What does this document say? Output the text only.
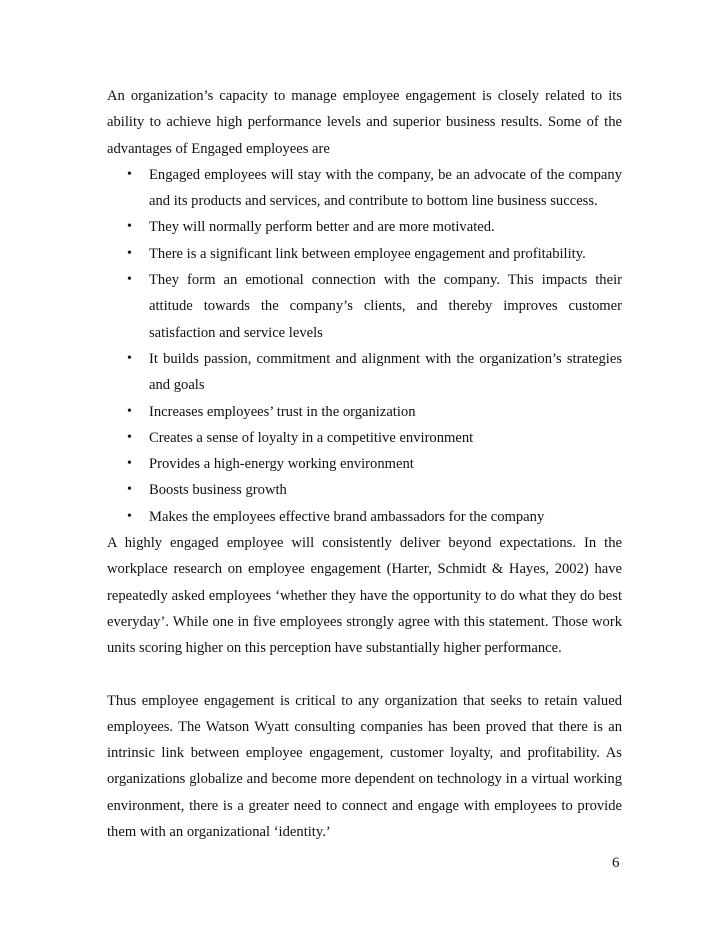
An organization’s capacity to manage employee engagement is closely related to its ability to achieve high performance levels and superior business results. Some of the advantages of Engaged employees are

• Engaged employees will stay with the company, be an advocate of the company and its products and services, and contribute to bottom line business success.
• They will normally perform better and are more motivated.
• There is a significant link between employee engagement and profitability.
• They form an emotional connection with the company. This impacts their attitude towards the company’s clients, and thereby improves customer satisfaction and service levels
• It builds passion, commitment and alignment with the organization’s strategies and goals
• Increases employees’ trust in the organization
• Creates a sense of loyalty in a competitive environment
• Provides a high-energy working environment
• Boosts business growth
• Makes the employees effective brand ambassadors for the company

A highly engaged employee will consistently deliver beyond expectations. In the workplace research on employee engagement (Harter, Schmidt & Hayes, 2002) have repeatedly asked employees ‘whether they have the opportunity to do what they do best everyday’. While one in five employees strongly agree with this statement. Those work units scoring higher on this perception have substantially higher performance.

Thus employee engagement is critical to any organization that seeks to retain valued employees. The Watson Wyatt consulting companies has been proved that there is an intrinsic link between employee engagement, customer loyalty, and profitability. As organizations globalize and become more dependent on technology in a virtual working environment, there is a greater need to connect and engage with employees to provide them with an organizational ‘identity.’

6
